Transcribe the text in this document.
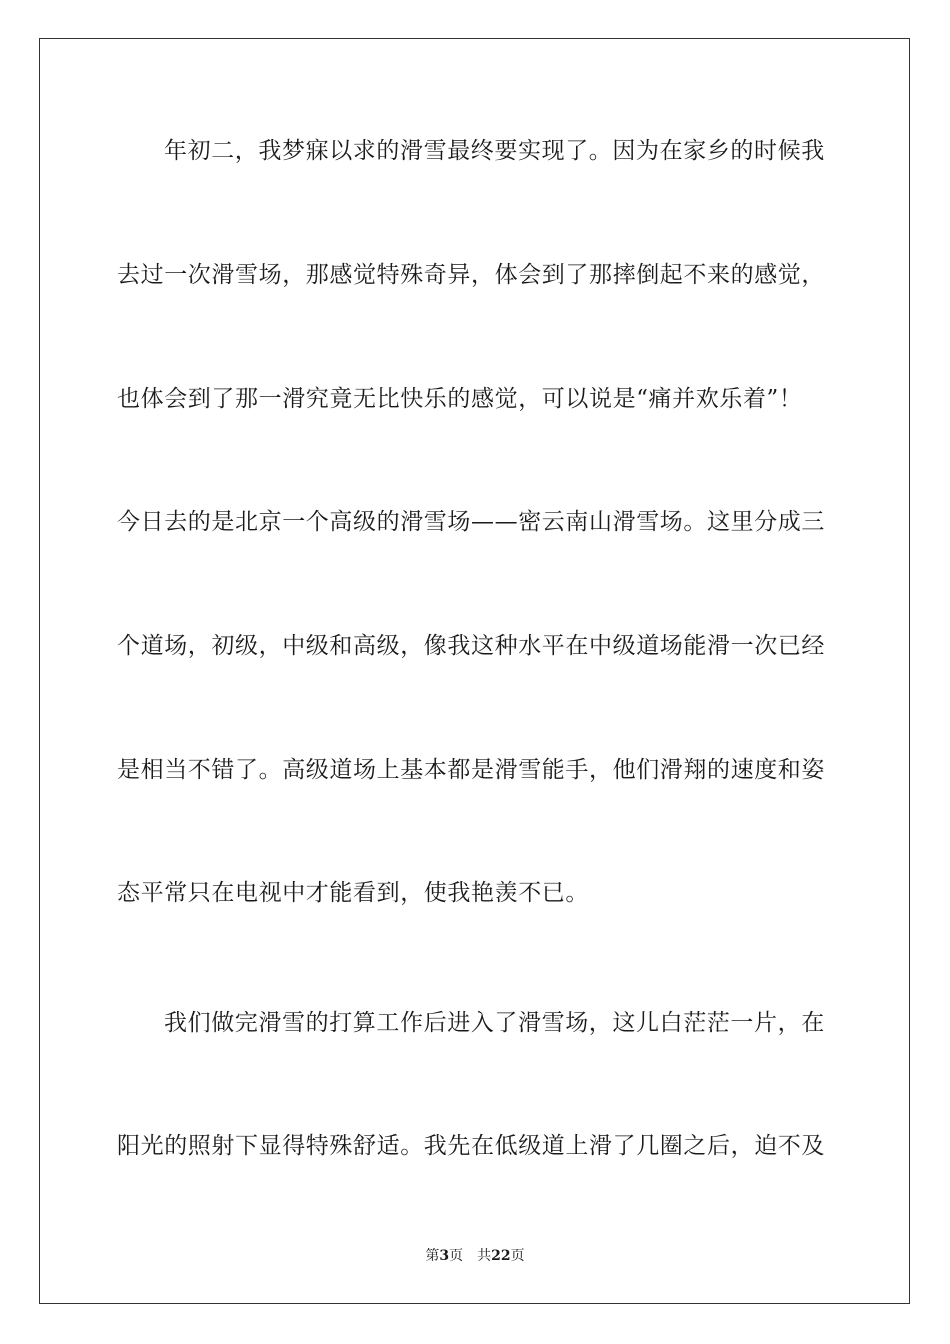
年初二，我梦寐以求的滑雪最终要实现了。因为在家乡的时候我
去过一次滑雪场，那感觉特殊奇异，体会到了那摔倒起不来的感觉，
也体会到了那一滑究竟无比快乐的感觉，可以说是“痛并欢乐着”！
今日去的是北京一个高级的滑雪场——密云南山滑雪场。这里分成三
个道场，初级，中级和高级，像我这种水平在中级道场能滑一次已经
是相当不错了。高级道场上基本都是滑雪能手，他们滑翔的速度和姿
态平常只在电视中才能看到，使我艳羡不已。
我们做完滑雪的打算工作后进入了滑雪场，这儿白茫茫一片，在
阳光的照射下显得特殊舒适。我先在低级道上滑了几圈之后，迫不及
第3页 共22页
